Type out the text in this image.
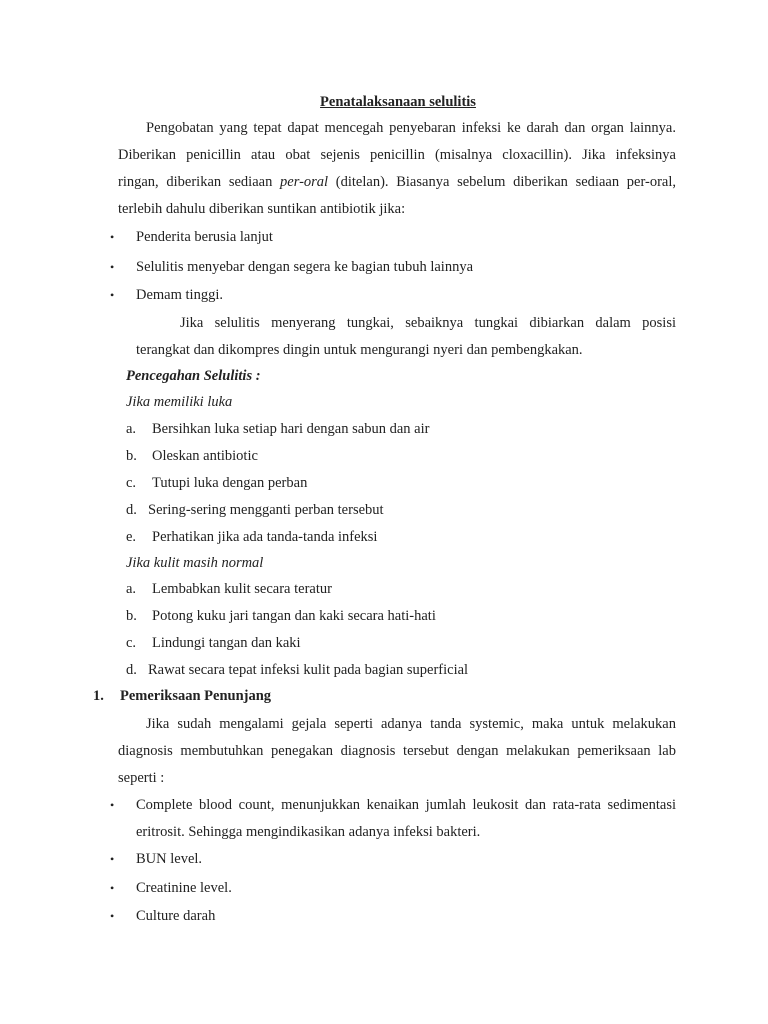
Penatalaksanaan selulitis
Pengobatan yang tepat dapat mencegah penyebaran infeksi ke darah dan organ lainnya.
Diberikan penicillin atau obat sejenis penicillin (misalnya cloxacillin). Jika infeksinya
ringan, diberikan sediaan per-oral (ditelan). Biasanya sebelum diberikan sediaan per-oral,
terlebih dahulu diberikan suntikan antibiotik jika:
• Penderita berusia lanjut
• Selulitis menyebar dengan segera ke bagian tubuh lainnya
• Demam tinggi.
Jika selulitis menyerang tungkai, sebaiknya tungkai dibiarkan dalam posisi
terangkat dan dikompres dingin untuk mengurangi nyeri dan pembengkakan.
Pencegahan Selulitis :
Jika memiliki luka
a. Bersihkan luka setiap hari dengan sabun dan air
b. Oleskan antibiotic
c. Tutupi luka dengan perban
d. Sering-sering mengganti perban tersebut
e. Perhatikan jika ada tanda-tanda infeksi
Jika kulit masih normal
a. Lembabkan kulit secara teratur
b. Potong kuku jari tangan dan kaki secara hati-hati
c. Lindungi tangan dan kaki
d. Rawat secara tepat infeksi kulit pada bagian superficial
1. Pemeriksaan Penunjang
Jika sudah mengalami gejala seperti adanya tanda systemic, maka untuk melakukan
diagnosis membutuhkan penegakan diagnosis tersebut dengan melakukan pemeriksaan lab
seperti :
• Complete blood count, menunjukkan kenaikan jumlah leukosit dan rata-rata sedimentasi
eritrosit. Sehingga mengindikasikan adanya infeksi bakteri.
• BUN level.
• Creatinine level.
• Culture darah
